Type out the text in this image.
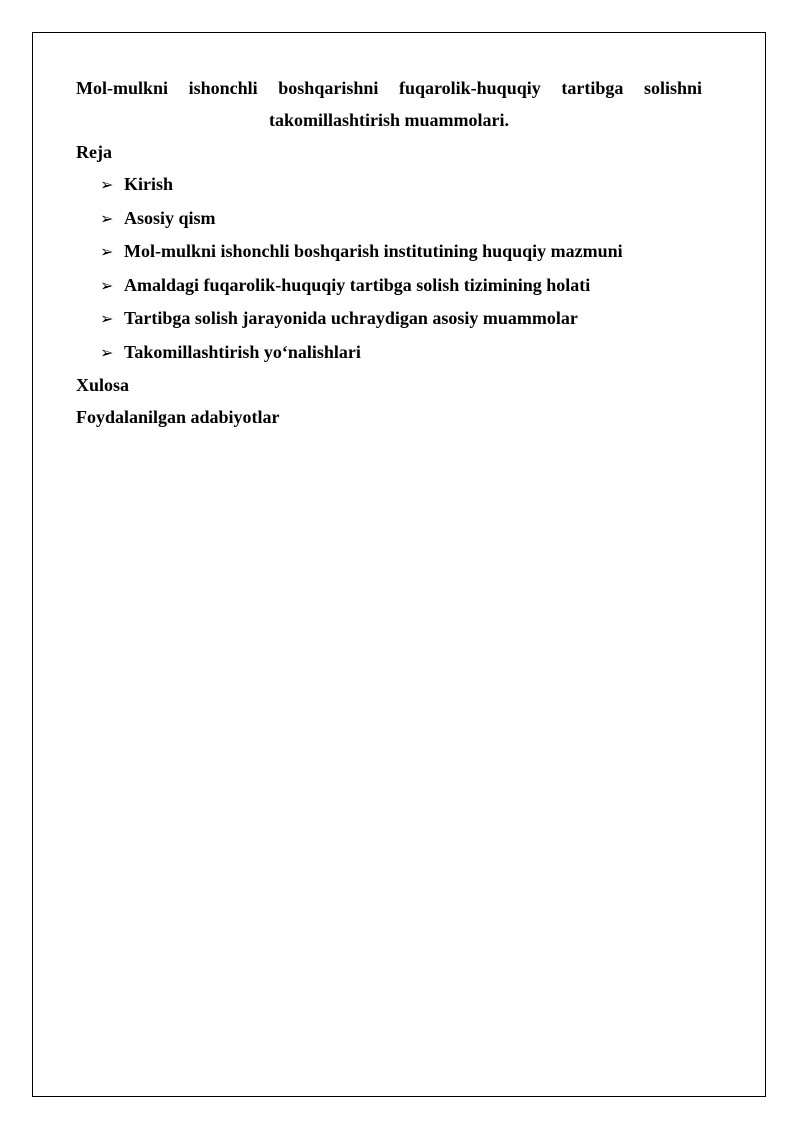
Mol-mulkni ishonchli boshqarishni fuqarolik-huquqiy tartibga solishni takomillashtirish muammolari.

Reja

➢ Kirish
➢ Asosiy qism
➢ Mol-mulkni ishonchli boshqarish institutining huquqiy mazmuni
➢ Amaldagi fuqarolik-huquqiy tartibga solish tizimining holati
➢ Tartibga solish jarayonida uchraydigan asosiy muammolar
➢ Takomillashtirish yo‘nalishlari

Xulosa

Foydalanilgan adabiyotlar
